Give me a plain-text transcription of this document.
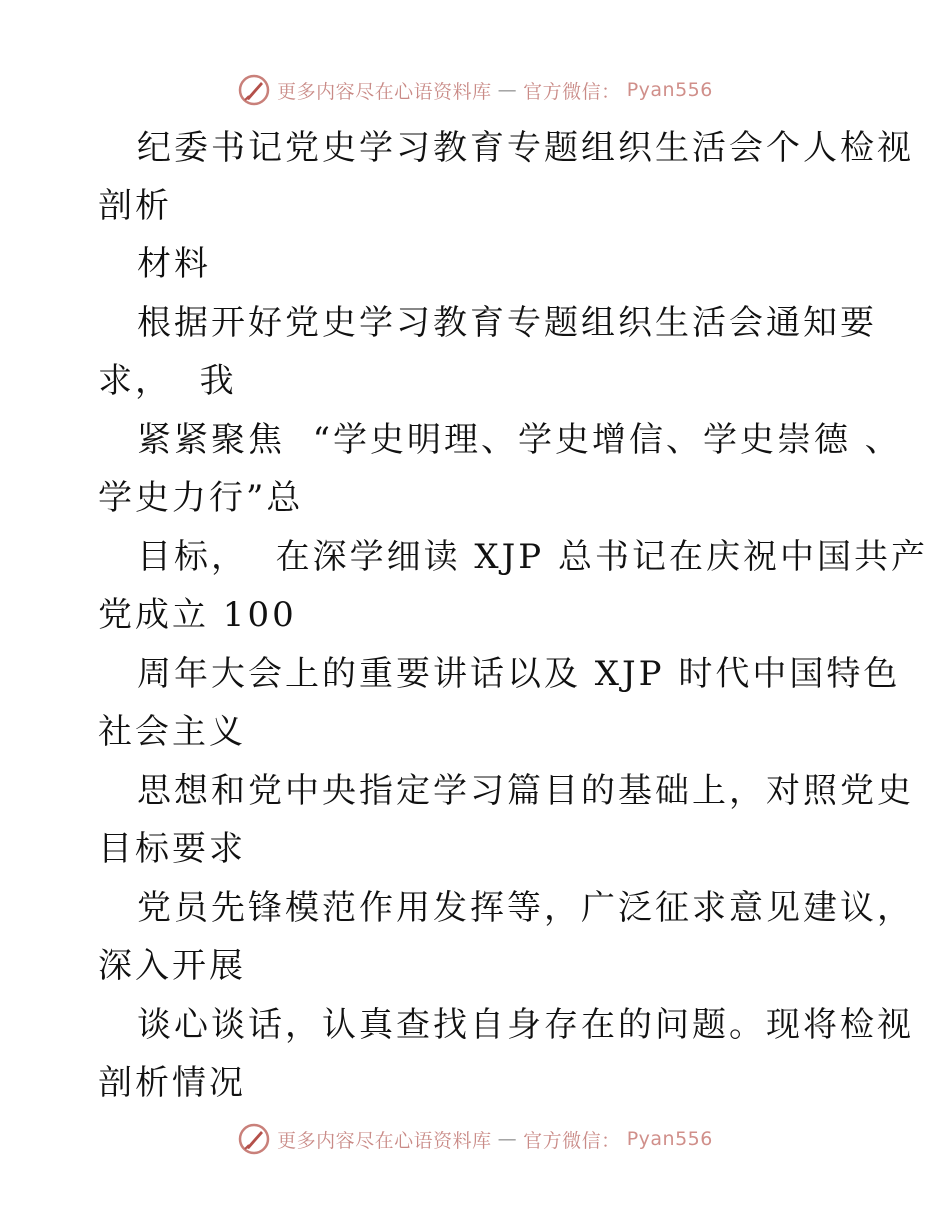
更多内容尽在心语资料库 — 官方微信： Pyan556
纪委书记党史学习教育专题组织生活会个人检视
剖析
材料
根据开好党史学习教育专题组织生活会通知要
求，  我
紧紧聚焦  “学史明理、学史增信、学史崇德 、
学史力行”总
目标，  在深学细读 XJP 总书记在庆祝中国共产
党成立 100
周年大会上的重要讲话以及 XJP 时代中国特色
社会主义
思想和党中央指定学习篇目的基础上，对照党史
目标要求
党员先锋模范作用发挥等，广泛征求意见建议，
深入开展
谈心谈话，认真查找自身存在的问题。现将检视
剖析情况
更多内容尽在心语资料库 — 官方微信： Pyan556
